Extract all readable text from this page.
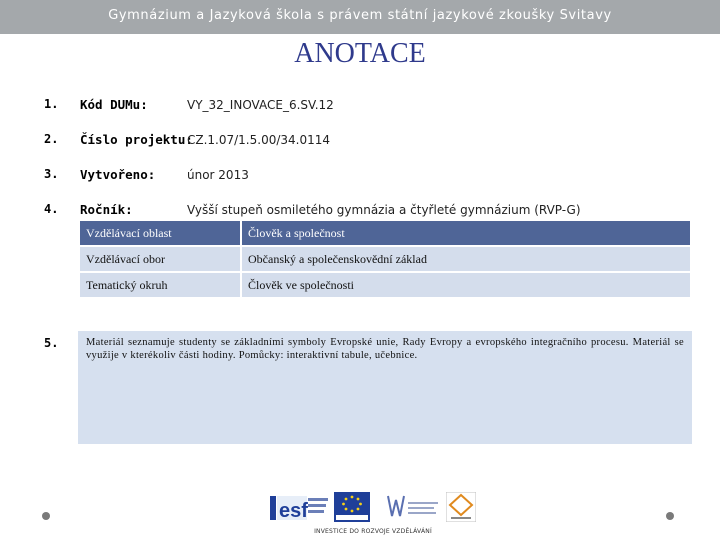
Gymnázium a Jazyková škola s právem státní jazykové zkoušky Svitavy
ANOTACE
1. Kód DUMu:	VY_32_INOVACE_6.SV.12
2. Číslo projektu:
CZ.1.07/1.5.00/34.0114
3. Vytvořeno:	únor 2013
4. Ročník:	Vyšší stupeň osmiletého gymnázia a čtyřleté gymnázium (RVP-G)
Vzdělávací oblast	Člověk a společnost
Vzdělávací obor	Občanský a společenskovědní základ
Tematický okruh	Člověk ve společnosti
5.	Materiál seznamuje studenty se základními symboly Evropské unie, Rady Evropy a evropského integračního procesu. Materiál se využije v kterékoliv části hodiny. Pomůcky: interaktivní tabule, učebnice.
esf
INVESTICE DO ROZVOJE VZDĚLÁVÁNÍ
